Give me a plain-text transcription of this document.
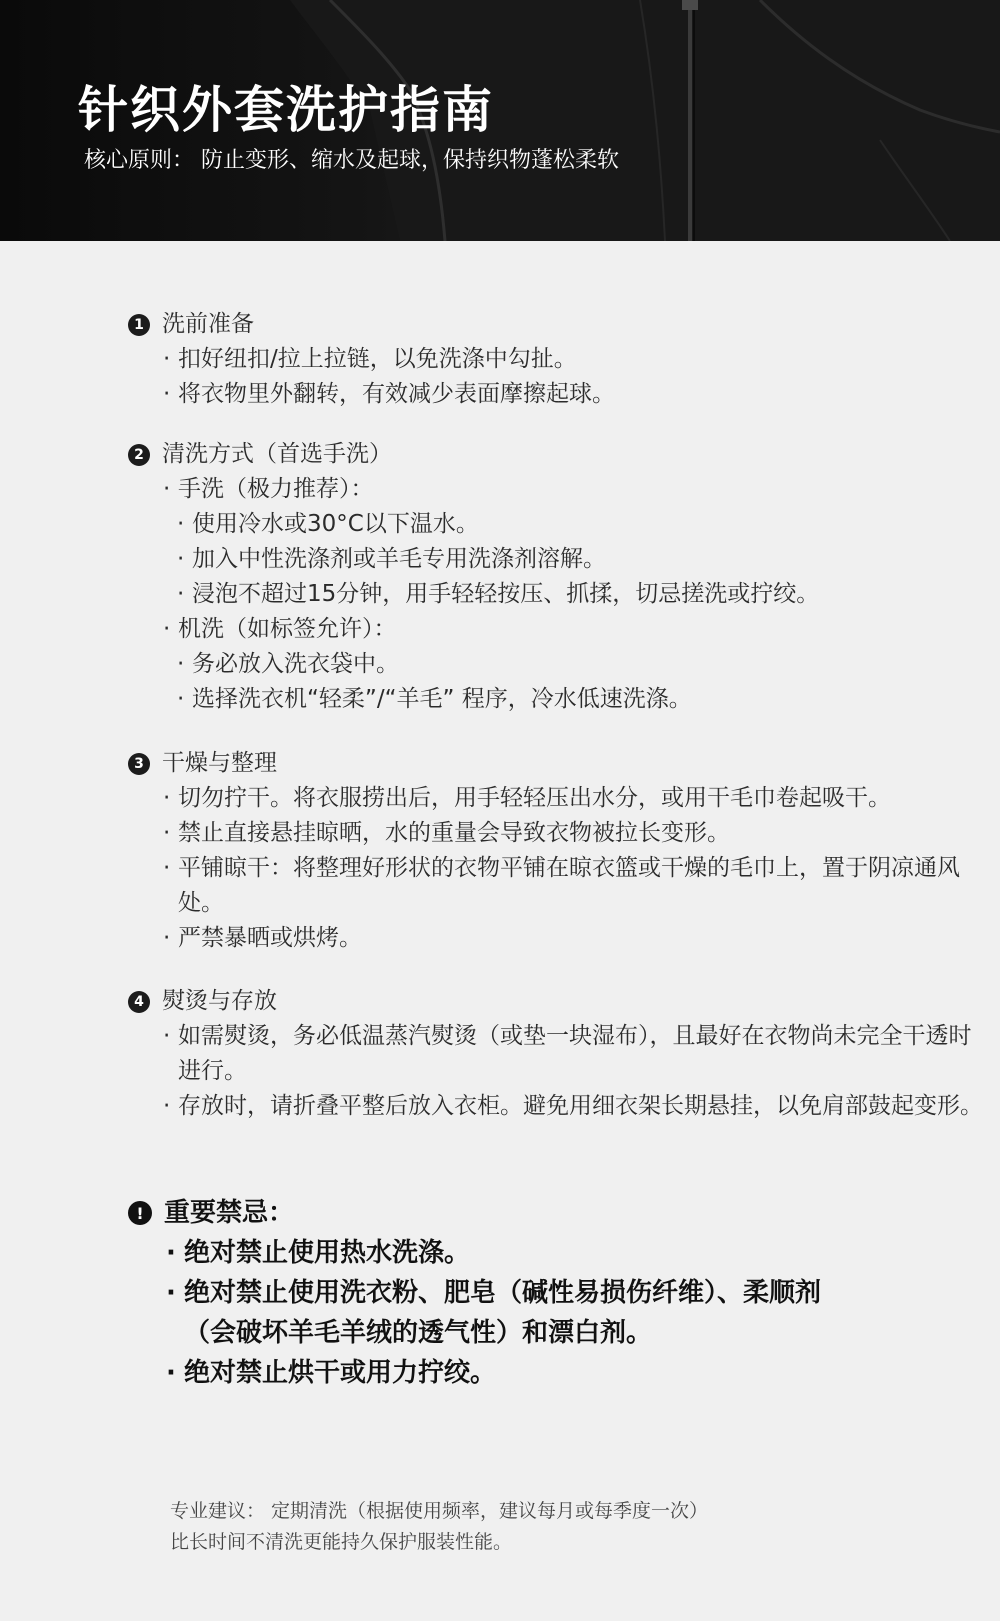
针织外套洗护指南
核心原则： 防止变形、缩水及起球，保持织物蓬松柔软
1 洗前准备
· 扣好纽扣/拉上拉链，以免洗涤中勾扯。
· 将衣物里外翻转，有效减少表面摩擦起球。
2 清洗方式（首选手洗）
· 手洗（极力推荐）：
· 使用冷水或30°C以下温水。
· 加入中性洗涤剂或羊毛专用洗涤剂溶解。
· 浸泡不超过15分钟，用手轻轻按压、抓揉，切忌搓洗或拧绞。
· 机洗（如标签允许）：
· 务必放入洗衣袋中。
· 选择洗衣机“轻柔”/“羊毛” 程序，冷水低速洗涤。
3 干燥与整理
· 切勿拧干。将衣服捞出后，用手轻轻压出水分，或用干毛巾卷起吸干。
· 禁止直接悬挂晾晒，水的重量会导致衣物被拉长变形。
· 平铺晾干：将整理好形状的衣物平铺在晾衣篮或干燥的毛巾上，置于阴凉通风处。
· 严禁暴晒或烘烤。
4 熨烫与存放
· 如需熨烫，务必低温蒸汽熨烫（或垫一块湿布），且最好在衣物尚未完全干透时进行。
· 存放时，请折叠平整后放入衣柜。避免用细衣架长期悬挂，以免肩部鼓起变形。
! 重要禁忌：
· 绝对禁止使用热水洗涤。
· 绝对禁止使用洗衣粉、肥皂（碱性易损伤纤维）、柔顺剂（会破坏羊毛羊绒的透气性）和漂白剂。
· 绝对禁止烘干或用力拧绞。
专业建议： 定期清洗（根据使用频率，建议每月或每季度一次）
比长时间不清洗更能持久保护服装性能。
